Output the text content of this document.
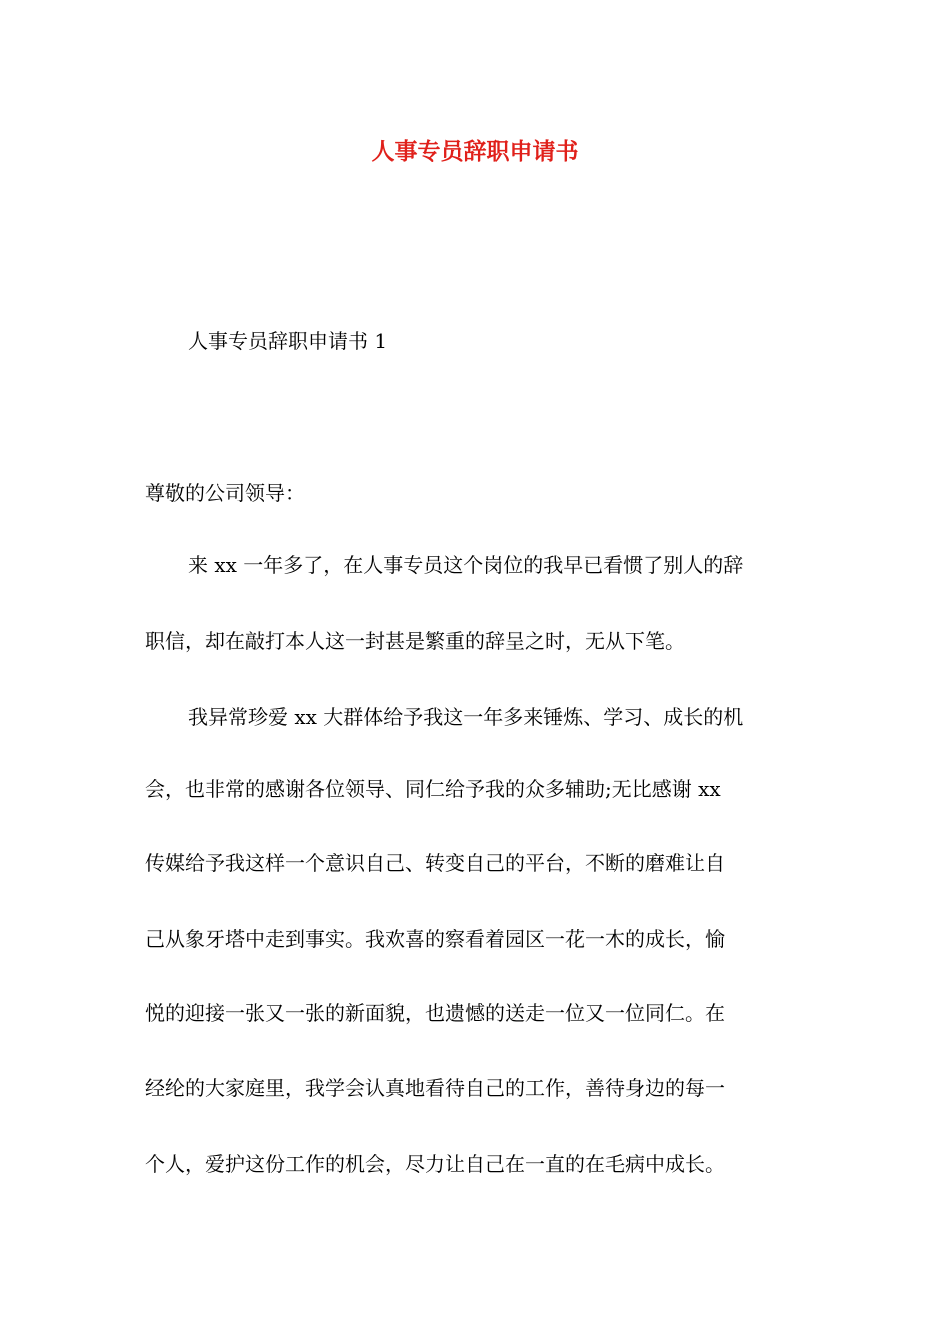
人事专员辞职申请书
人事专员辞职申请书 1
尊敬的公司领导：
来 xx 一年多了，在人事专员这个岗位的我早已看惯了别人的辞
职信，却在敲打本人这一封甚是繁重的辞呈之时，无从下笔。
我异常珍爱 xx 大群体给予我这一年多来锤炼、学习、成长的机
会，也非常的感谢各位领导、同仁给予我的众多辅助;无比感谢 xx
传媒给予我这样一个意识自己、转变自己的平台，不断的磨难让自
己从象牙塔中走到事实。我欢喜的察看着园区一花一木的成长，愉
悦的迎接一张又一张的新面貌，也遗憾的送走一位又一位同仁。在
经纶的大家庭里，我学会认真地看待自己的工作，善待身边的每一
个人，爱护这份工作的机会，尽力让自己在一直的在毛病中成长。
